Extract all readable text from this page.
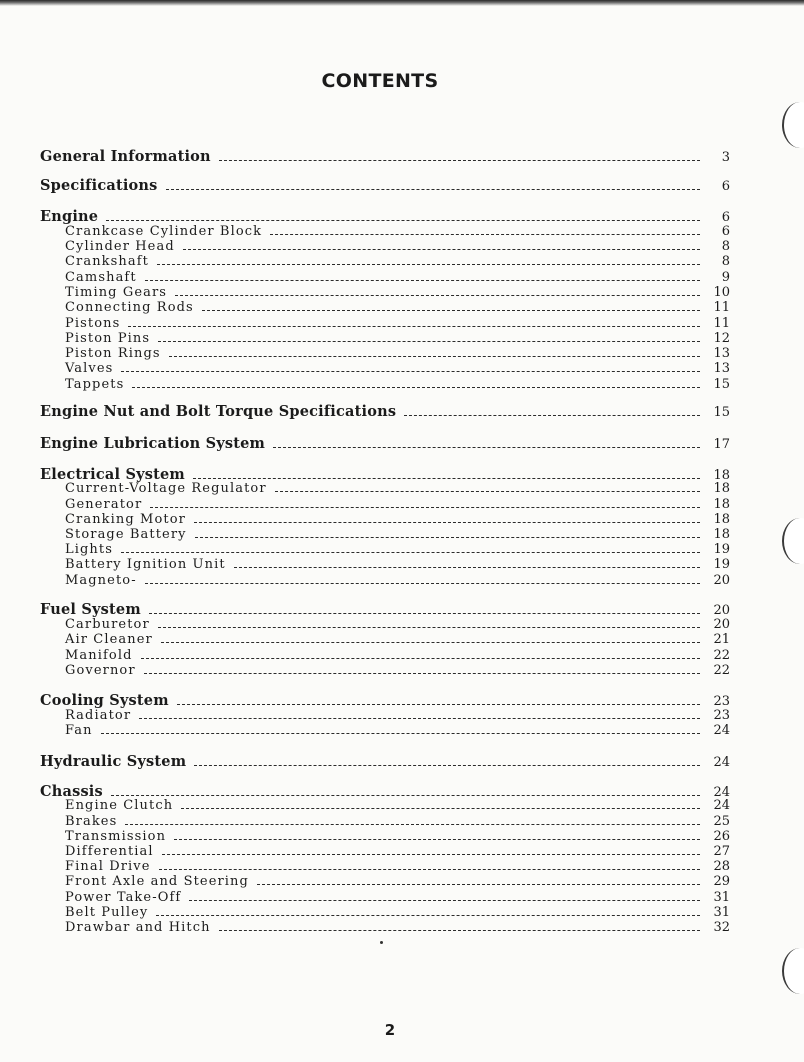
CONTENTS
General Information	3
Specifications	6
Engine	6
Crankcase Cylinder Block	6
Cylinder Head	8
Crankshaft	8
Camshaft	9
Timing Gears	10
Connecting Rods	11
Pistons	11
Piston Pins	12
Piston Rings	13
Valves	13
Tappets	15
Engine Nut and Bolt Torque Specifications	15
Engine Lubrication System	17
Electrical System	18
Current-Voltage Regulator	18
Generator	18
Cranking Motor	18
Storage Battery	18
Lights	19
Battery Ignition Unit	19
Magneto-	20
Fuel System	20
Carburetor	20
Air Cleaner	21
Manifold	22
Governor	22
Cooling System	23
Radiator	23
Fan	24
Hydraulic System	24
Chassis	24
Engine Clutch	24
Brakes	25
Transmission	26
Differential	27
Final Drive	28
Front Axle and Steering	29
Power Take-Off	31
Belt Pulley	31
Drawbar and Hitch	32
2
